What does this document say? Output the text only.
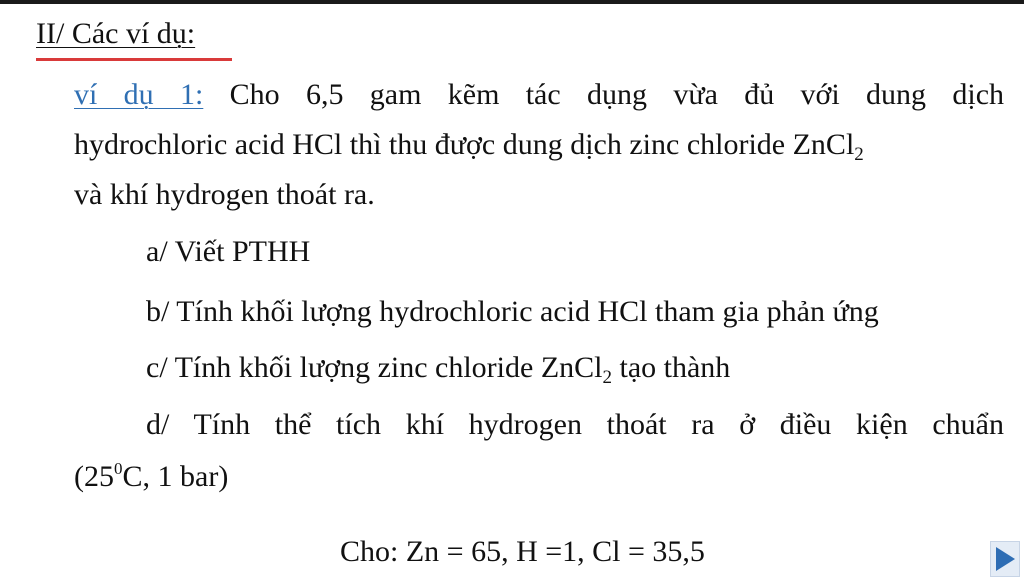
II/ Các ví dụ:
ví dụ 1: Cho 6,5 gam kẽm tác dụng vừa đủ với dung dịch
hydrochloric acid HCl thì thu được dung dịch zinc chloride ZnCl$_2$
và khí hydrogen thoát ra.
a/ Viết PTHH
b/ Tính khối lượng hydrochloric acid HCl tham gia phản ứng
c/ Tính khối lượng zinc chloride ZnCl$_2$ tạo thành
d/ Tính thể tích khí hydrogen thoát ra ở điều kiện chuẩn
($25^0C$, 1 bar)
Cho: Zn = 65, H =1, Cl = 35,5
